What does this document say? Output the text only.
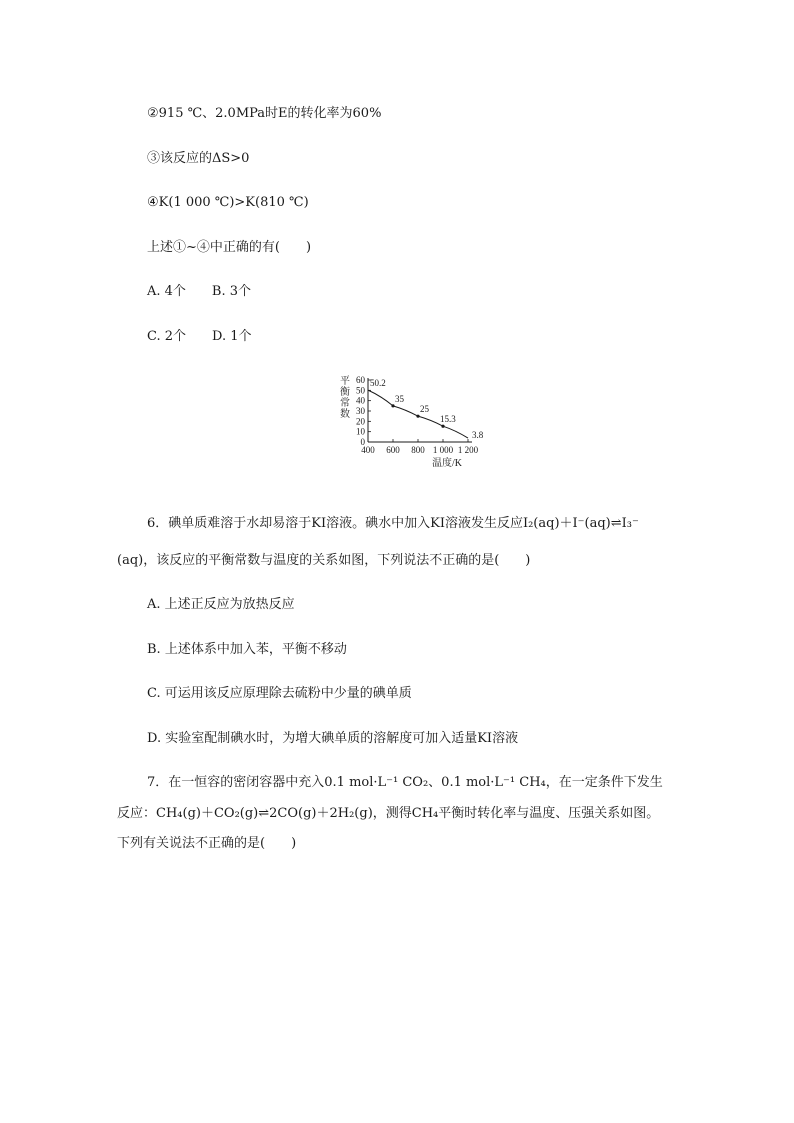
②915 ℃、2.0MPa时E的转化率为60%
③该反应的ΔS>0
④K(1 000 ℃)>K(810 ℃)
上述①~④中正确的有(　　)
A. 4个　　B. 3个
C. 2个　　D. 1个
平
衡
常
数
0
10
20
30
40
50
60
400 600 800 1 000 1 200
50.2
35
25
15.3
3.8
温度/K
6．碘单质难溶于水却易溶于KI溶液。碘水中加入KI溶液发生反应I₂(aq)＋I⁻(aq)⇌I₃⁻
(aq)，该反应的平衡常数与温度的关系如图，下列说法不正确的是(　　)
A. 上述正反应为放热反应
B. 上述体系中加入苯，平衡不移动
C. 可运用该反应原理除去硫粉中少量的碘单质
D. 实验室配制碘水时，为增大碘单质的溶解度可加入适量KI溶液
7．在一恒容的密闭容器中充入0.1 mol·L⁻¹ CO₂、0.1 mol·L⁻¹ CH₄，在一定条件下发生
反应：CH₄(g)＋CO₂(g)⇌2CO(g)＋2H₂(g)，测得CH₄平衡时转化率与温度、压强关系如图。
下列有关说法不正确的是(　　)
